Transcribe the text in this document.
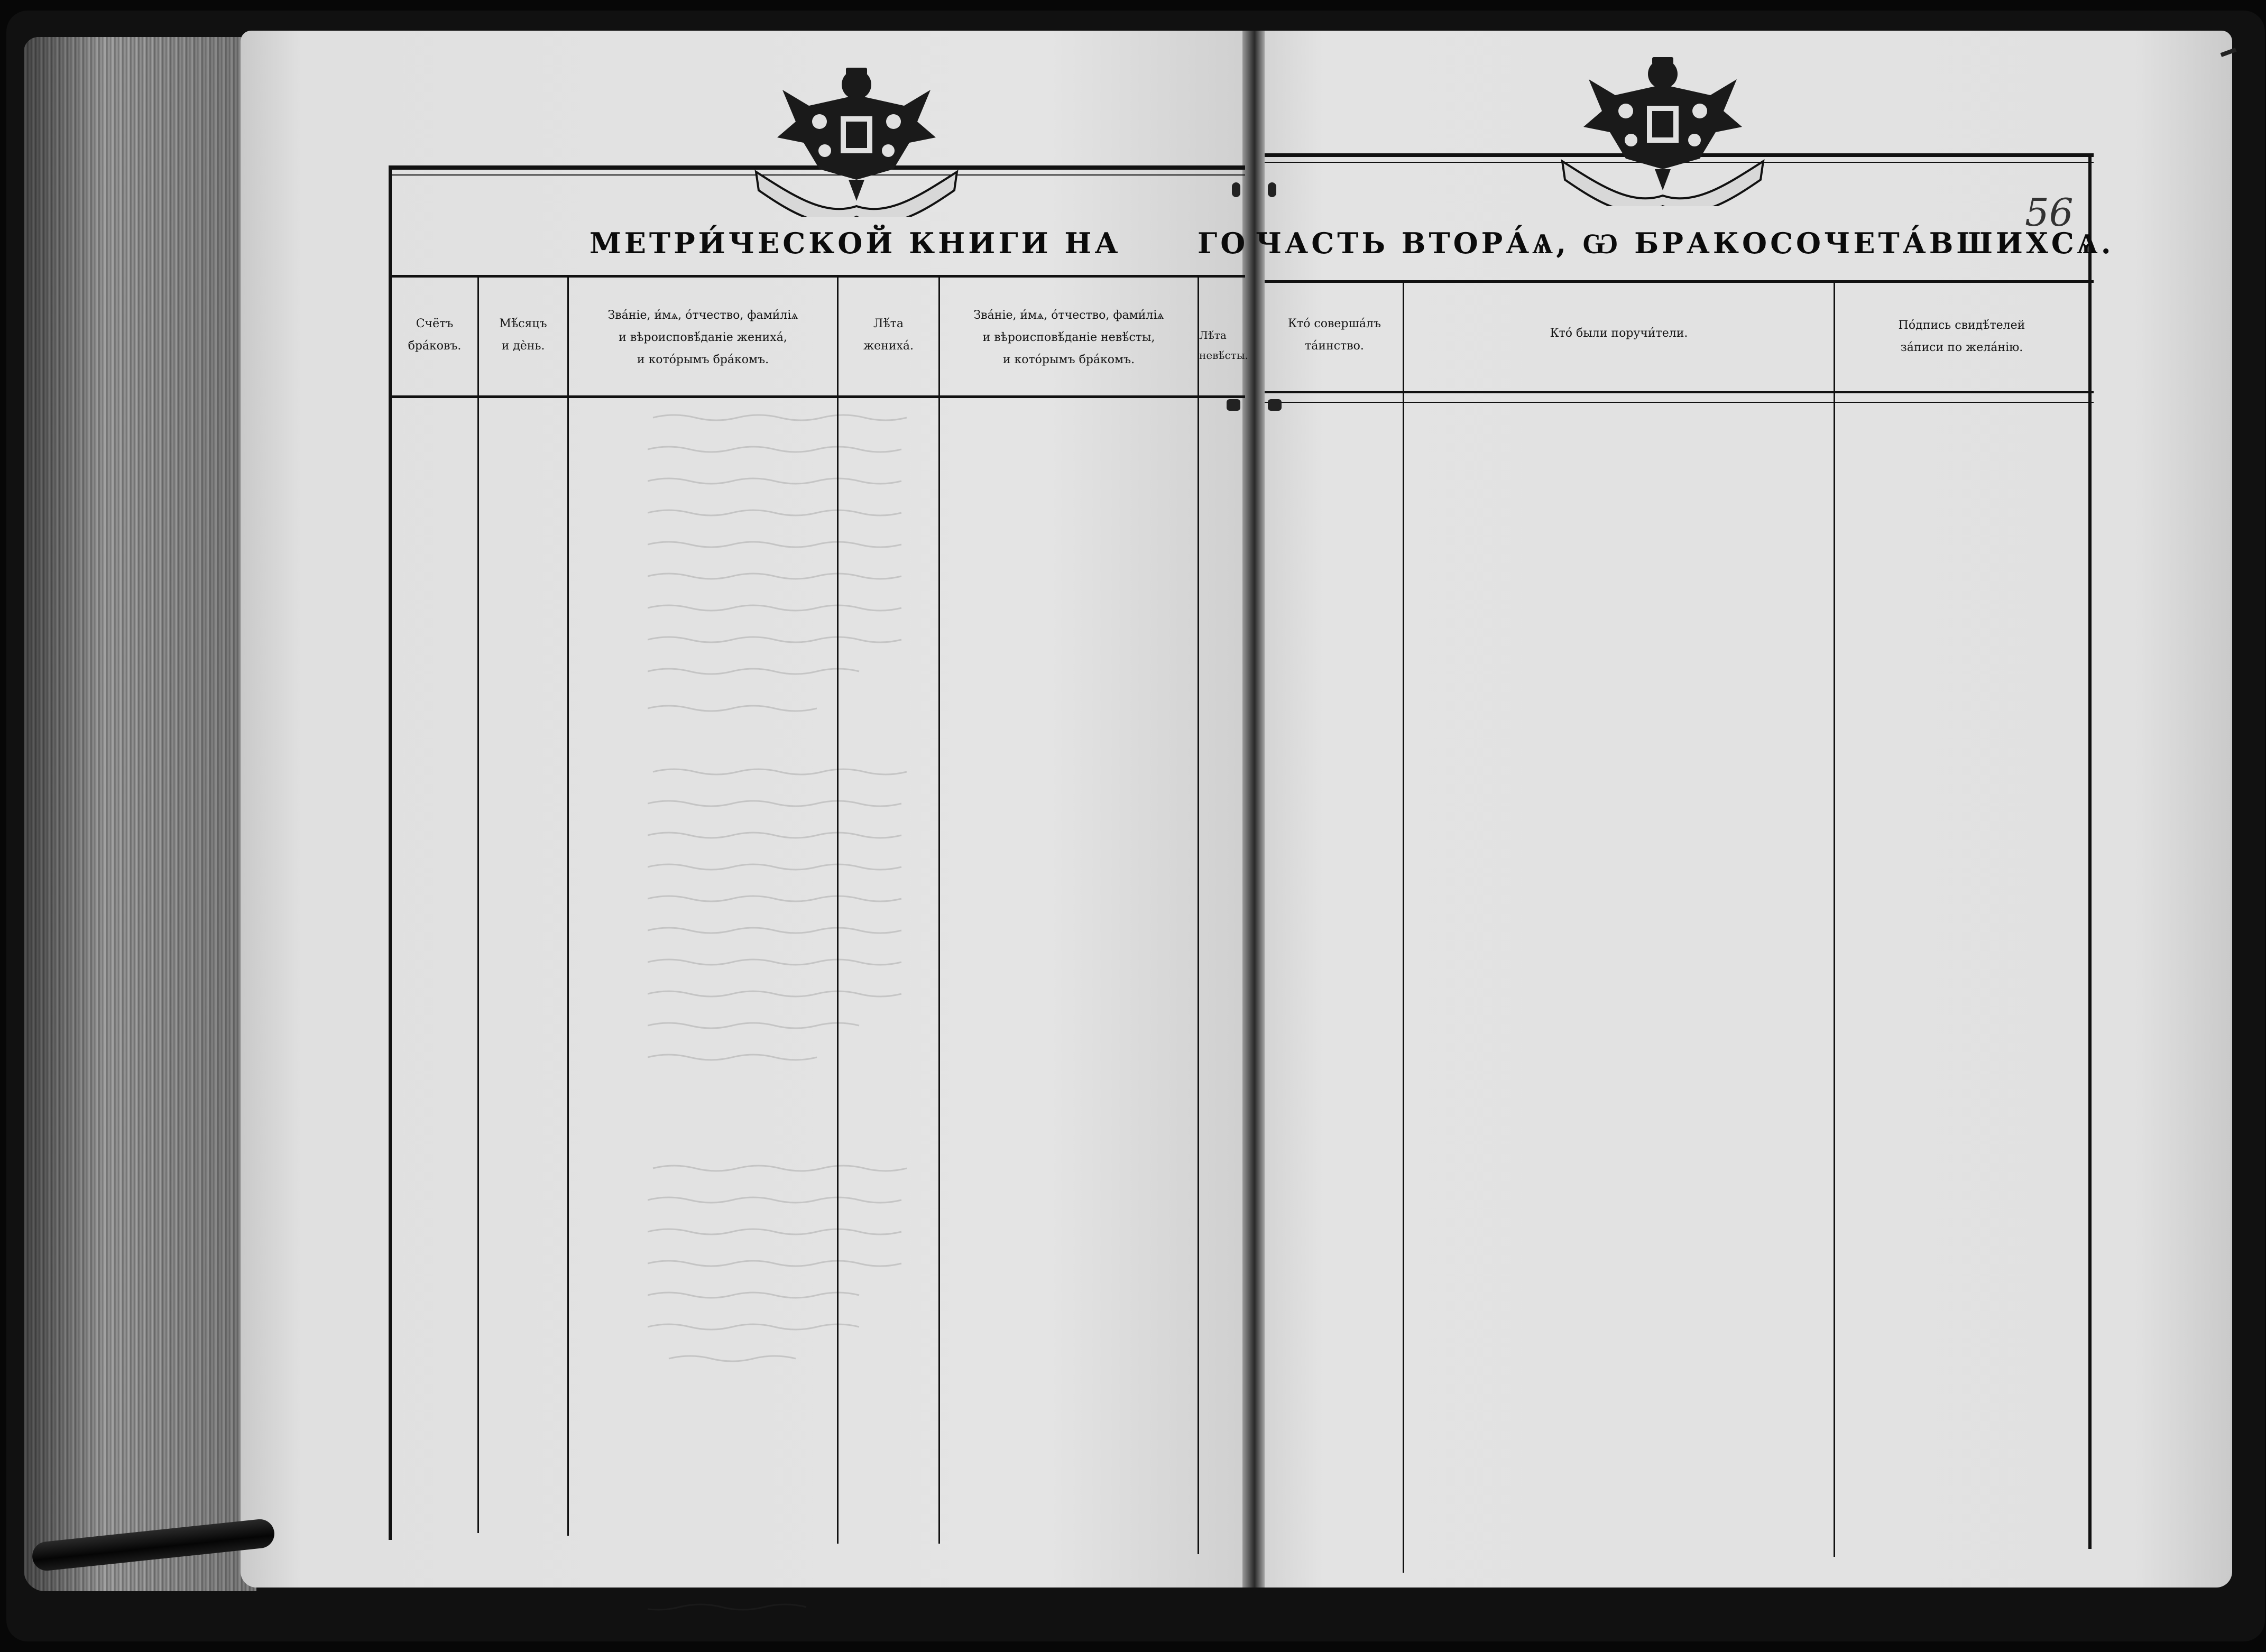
МЕТРИ́ЧЕСКОЙ КНИГИ НА	ГО ЧАСТЬ ВТОРА́Ѧ, Ѡ БРАКОСОЧЕТА́ВШИХСѦ.
56
Счётъ
бра́ковъ.
Мѣ́сяцъ
и дѐнь.
Зва́ніе, и́мѧ, о́тчество, фами́ліѧ
и вѣроисповѣ́даніе жениха́,
и кото́рымъ бра́комъ.
Лѣ́та
жениха́.
Зва́ніе, и́мѧ, о́тчество, фами́ліѧ
и вѣроисповѣ́даніе невѣ́сты,
и кото́рымъ бра́комъ.
Лѣ́та
невѣ́сты.
Кто́ соверша́лъ
та́инство.
Кто́ были поручи́тели.
По́дпись свидѣ́телей
за́писи по жела́нію.
